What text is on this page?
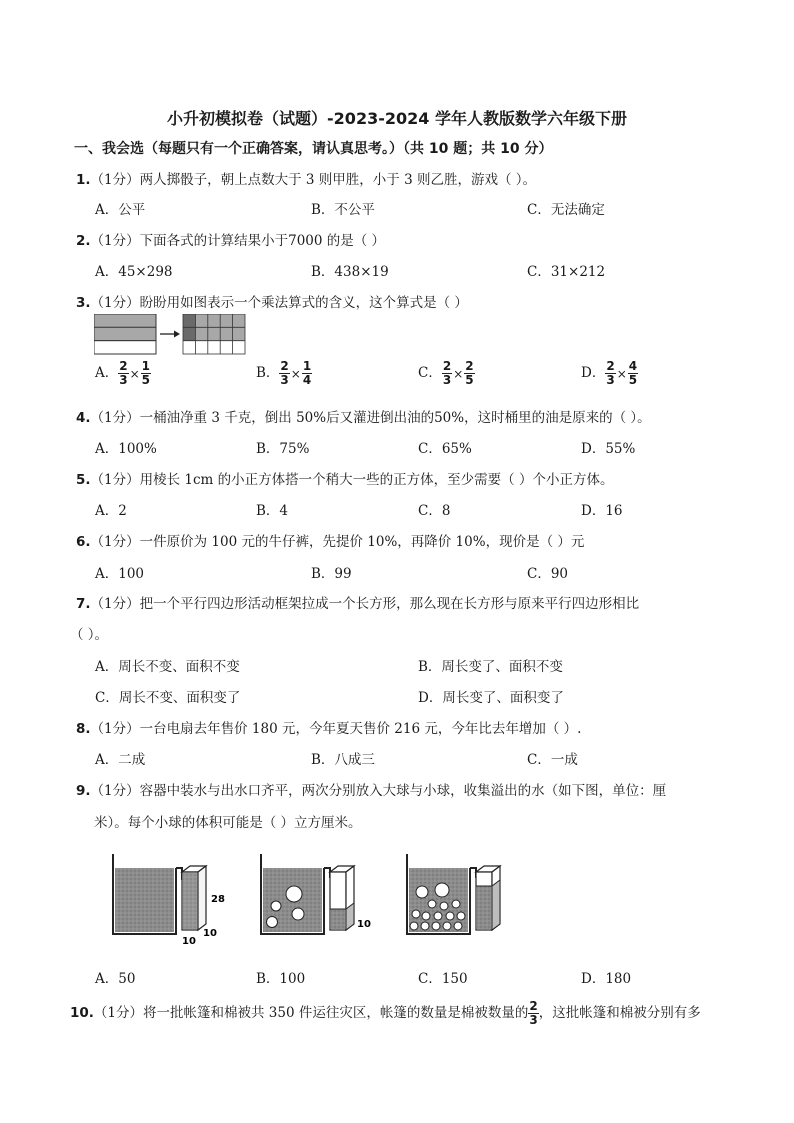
小升初模拟卷（试题）-2023-2024 学年人教版数学六年级下册
一、我会选（每题只有一个正确答案，请认真思考。）（共 10 题；共 10 分）
1.（1分）两人掷骰子，朝上点数大于 3 则甲胜，小于 3 则乙胜，游戏（ ）。
A．公平	B．不公平	C．无法确定
2.（1分）下面各式的计算结果小于7000 的是（ ）
A．45×298	B．438×19	C．31×212
3.（1分）盼盼用如图表示一个乘法算式的含义，这个算式是（ ）
A． $\frac{2}{3} \times \frac{1}{5}$	B． $\frac{2}{3} \times \frac{1}{4}$	C． $\frac{2}{3} \times \frac{2}{5}$	D． $\frac{2}{3} \times \frac{4}{5}$
4.（1分）一桶油净重 3 千克，倒出 50%后又灌进倒出油的50%，这时桶里的油是原来的（ ）。
A．100%	B．75%	C．65%	D．55%
5.（1分）用棱长 1cm 的小正方体搭一个稍大一些的正方体，至少需要（ ）个小正方体。
A．2	B．4	C．8	D．16
6.（1分）一件原价为 100 元的牛仔裤，先提价 10%，再降价 10%，现价是（ ）元
A．100	B．99	C．90
7.（1分）把一个平行四边形活动框架拉成一个长方形，那么现在长方形与原来平行四边形相比
（ ）。
A．周长不变、面积不变	B．周长变了、面积不变
C．周长不变、面积变了	D．周长变了、面积变了
8.（1分）一台电扇去年售价 180 元，今年夏天售价 216 元，今年比去年增加（ ）.
A．二成	B．八成三	C．一成
9.（1分）容器中装水与出水口齐平，两次分别放入大球与小球，收集溢出的水（如下图，单位：厘
米）。每个小球的体积可能是（ ）立方厘米。
28
10
10
10
A．50	B．100	C．150	D．180
10.（1分）将一批帐篷和棉被共 350 件运往灾区，帐篷的数量是棉被数量的 $\frac{2}{3}$ ，这批帐篷和棉被分别有多
